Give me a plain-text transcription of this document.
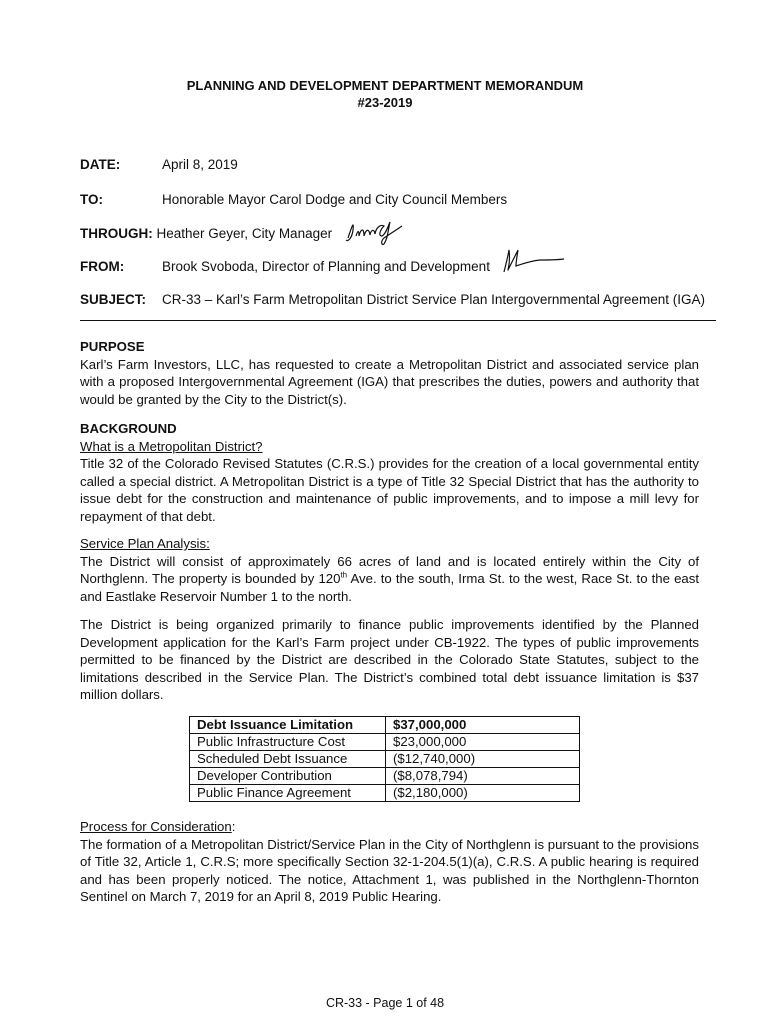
PLANNING AND DEVELOPMENT DEPARTMENT MEMORANDUM
#23-2019
DATE:	April 8, 2019
TO:	Honorable Mayor Carol Dodge and City Council Members
THROUGH: Heather Geyer, City Manager
FROM:	Brook Svoboda, Director of Planning and Development
SUBJECT: CR-33 – Karl’s Farm Metropolitan District Service Plan Intergovernmental Agreement (IGA)

PURPOSE

Karl’s Farm Investors, LLC, has requested to create a Metropolitan District and associated service plan with a proposed Intergovernmental Agreement (IGA) that prescribes the duties, powers and authority that would be granted by the City to the District(s).

BACKGROUND

What is a Metropolitan District?

Title 32 of the Colorado Revised Statutes (C.R.S.) provides for the creation of a local governmental entity called a special district. A Metropolitan District is a type of Title 32 Special District that has the authority to issue debt for the construction and maintenance of public improvements, and to impose a mill levy for repayment of that debt.

Service Plan Analysis:

The District will consist of approximately 66 acres of land and is located entirely within the City of Northglenn. The property is bounded by 120th Ave. to the south, Irma St. to the west, Race St. to the east and Eastlake Reservoir Number 1 to the north.

The District is being organized primarily to finance public improvements identified by the Planned Development application for the Karl’s Farm project under CB-1922. The types of public improvements permitted to be financed by the District are described in the Colorado State Statutes, subject to the limitations described in the Service Plan. The District’s combined total debt issuance limitation is $37 million dollars.

Debt Issuance Limitation	$37,000,000
Public Infrastructure Cost	$23,000,000
Scheduled Debt Issuance	($12,740,000)
Developer Contribution	($8,078,794)
Public Finance Agreement	($2,180,000)

Process for Consideration:

The formation of a Metropolitan District/Service Plan in the City of Northglenn is pursuant to the provisions of Title 32, Article 1, C.R.S; more specifically Section 32-1-204.5(1)(a), C.R.S. A public hearing is required and has been properly noticed. The notice, Attachment 1, was published in the Northglenn-Thornton Sentinel on March 7, 2019 for an April 8, 2019 Public Hearing.

CR-33 - Page 1 of 48
